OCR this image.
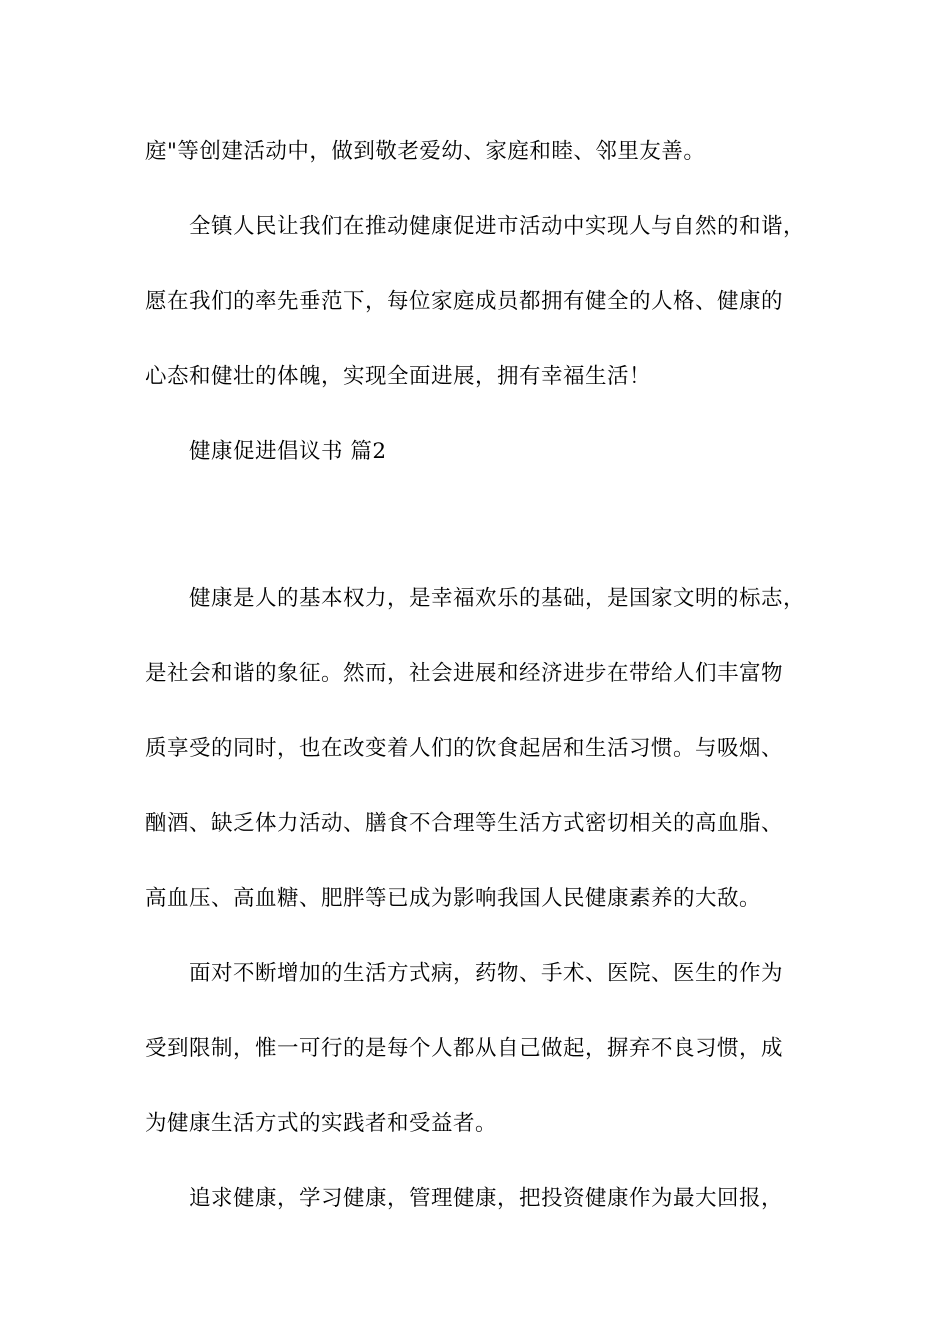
庭"等创建活动中，做到敬老爱幼、家庭和睦、邻里友善。
全镇人民让我们在推动健康促进市活动中实现人与自然的和谐，
愿在我们的率先垂范下，每位家庭成员都拥有健全的人格、健康的
心态和健壮的体魄，实现全面进展，拥有幸福生活！
健康促进倡议书 篇2
健康是人的基本权力，是幸福欢乐的基础，是国家文明的标志，
是社会和谐的象征。然而，社会进展和经济进步在带给人们丰富物
质享受的同时，也在改变着人们的饮食起居和生活习惯。与吸烟、
酗酒、缺乏体力活动、膳食不合理等生活方式密切相关的高血脂、
高血压、高血糖、肥胖等已成为影响我国人民健康素养的大敌。
面对不断增加的生活方式病，药物、手术、医院、医生的作为
受到限制，惟一可行的是每个人都从自己做起，摒弃不良习惯，成
为健康生活方式的实践者和受益者。
追求健康，学习健康，管理健康，把投资健康作为最大回报，
